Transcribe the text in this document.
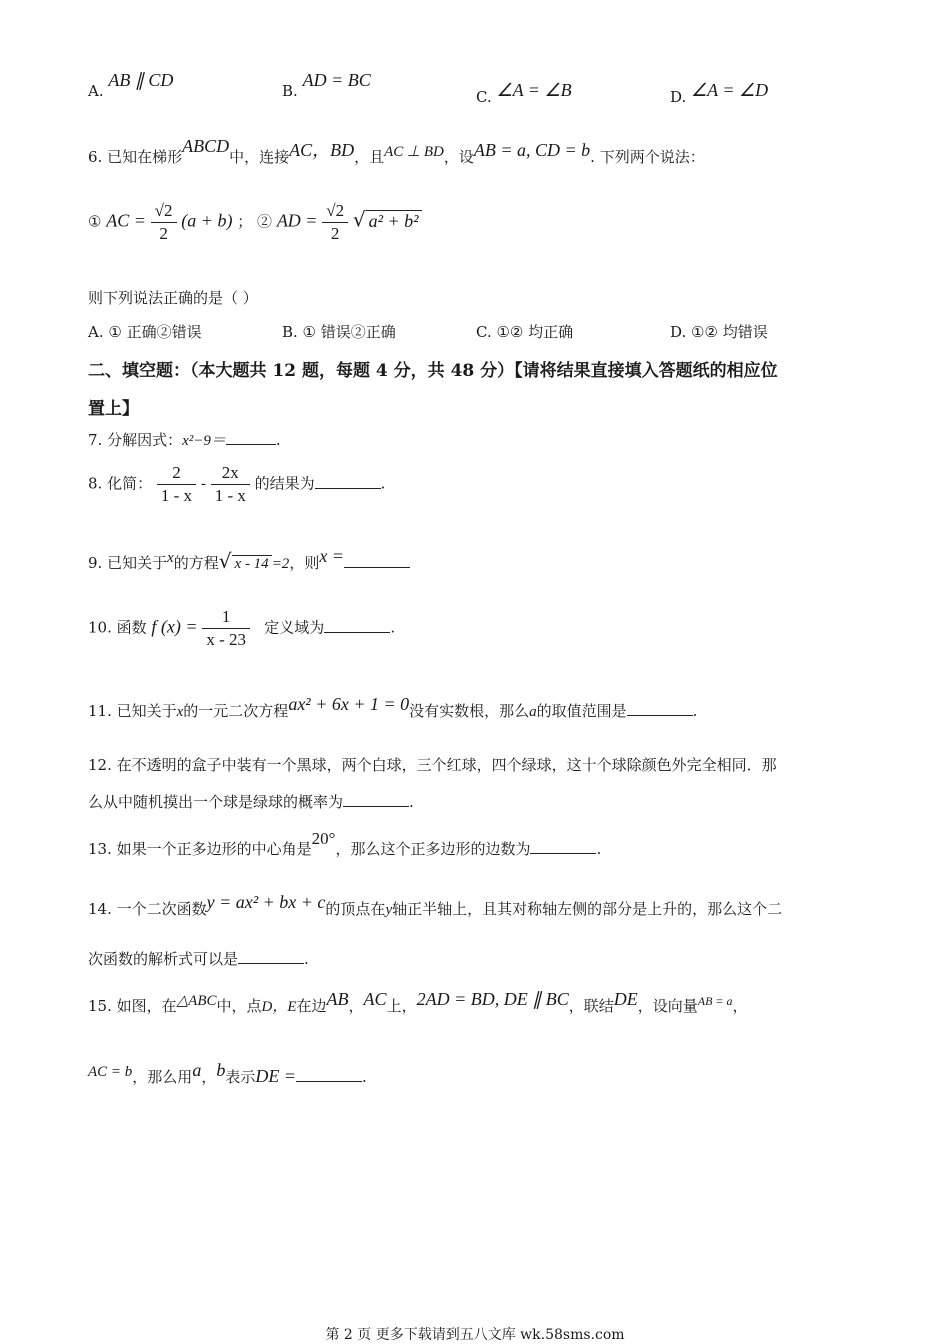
A. AB ∥ CD
B. AD = BC
C. ∠A = ∠B	D. ∠A = ∠D
6. 已知在梯形ABCD中，连接AC，BD，且AC ⊥ BD，设AB = a, CD = b. 下列两个说法：
① AC = $\frac{√2}{2} (a + b)$ ； ② AD = $\frac{√2}{2}$ √ a² + b²
则下列说法正确的是（ ）
A. ① 正确②错误	B. ① 错误②正确	C. ①② 均正确	D. ①② 均错误
二、填空题：（本大题共 12 题，每题 4 分，共 48 分）【请将结果直接填入答题纸的相应位
置上】
7. 分解因式：x²−9＝	.
8. 化简： $\frac{2}{1 - x} - \frac{2x}{1 - x}$ 的结果为	.
9. 已知关于x的方程√ x - 14 =2，则x =
10. 函数 f $(x) = \frac{1}{x - 23}$ 定义域为	.
11. 已知关于x的一元二次方程ax² + 6x + 1 = 0没有实数根，那么a的取值范围是	.
12. 在不透明的盒子中装有一个黑球，两个白球，三个红球，四个绿球，这十个球除颜色外完全相同．那
么从中随机摸出一个球是绿球的概率为	.
13. 如果一个正多边形的中心角是20°，那么这个正多边形的边数为	.
14. 一个二次函数y = ax² + bx + c的顶点在y轴正半轴上，且其对称轴左侧的部分是上升的，那么这个二
次函数的解析式可以是	.
15. 如图，在△ABC中，点D，E在边AB，AC上，2AD = BD, DE ∥ BC，联结DE，设向量$^{AB = a}$，
AC = b，那么用a，b表示DE =	.
第 2 页 更多下载请到五八文库 wk.58sms.com
